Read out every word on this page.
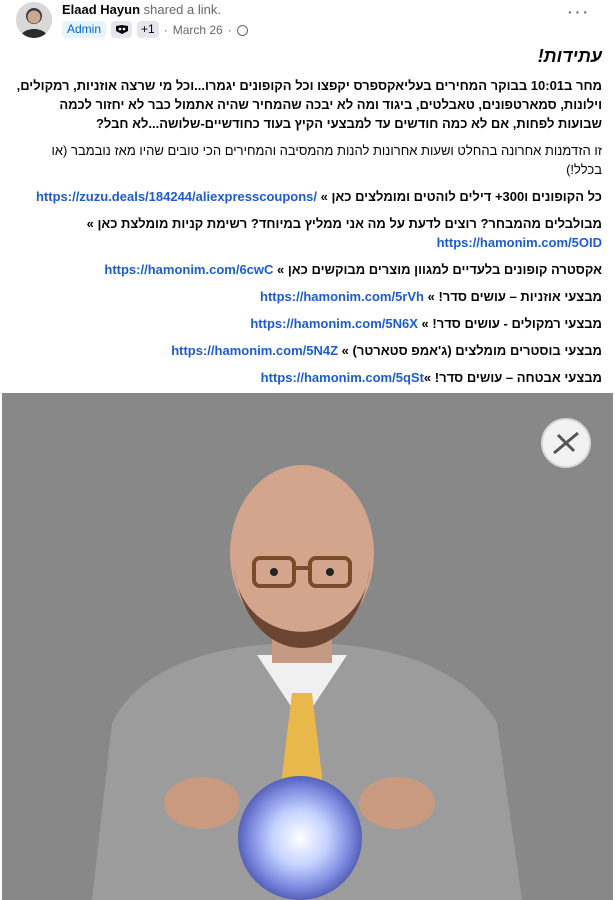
Elaad Hayun shared a link.
Admin	+1 · March 26 ·
···
עתידות!
מחר ב10:01 בבוקר המחירים בעליאקספרס יקפצו וכל הקופונים יגמרו...וכל מי שרצה אוזניות, רמקולים, וילונות, סמארטפונים, טאבלטים, ביגוד ומה לא יבכה שהמחיר שהיה אתמול כבר לא יחזור לכמה שבועות לפחות, אם לא כמה חודשים עד למבצעי הקיץ בעוד כחודשיים-שלושה...לא חבל?
זו הזדמנות אחרונה בהחלט ושעות אחרונות להנות מהמסיבה והמחירים הכי טובים שהיו מאז נובמבר (או בכלל!)
כל הקופונים ו300+ דילים לוהטים ומומלצים כאן » https://zuzu.deals/184244/aliexpresscoupons/
מבולבלים מהמבחר? רוצים לדעת על מה אני ממליץ במיוחד? רשימת קניות מומלצת כאן » https://hamonim.com/5OID
אקסטרה קופונים בלעדיים למגוון מוצרים מבוקשים כאן » https://hamonim.com/6cwC
מבצעי אוזניות – עושים סדר! » https://hamonim.com/5rVh
מבצעי רמקולים - עושים סדר! » https://hamonim.com/5N6X
מבצעי בוסטרים מומלצים (ג'אמפ סטארטר) » https://hamonim.com/5N4Z
מבצעי אבטחה – עושים סדר! »https://hamonim.com/5qSt
